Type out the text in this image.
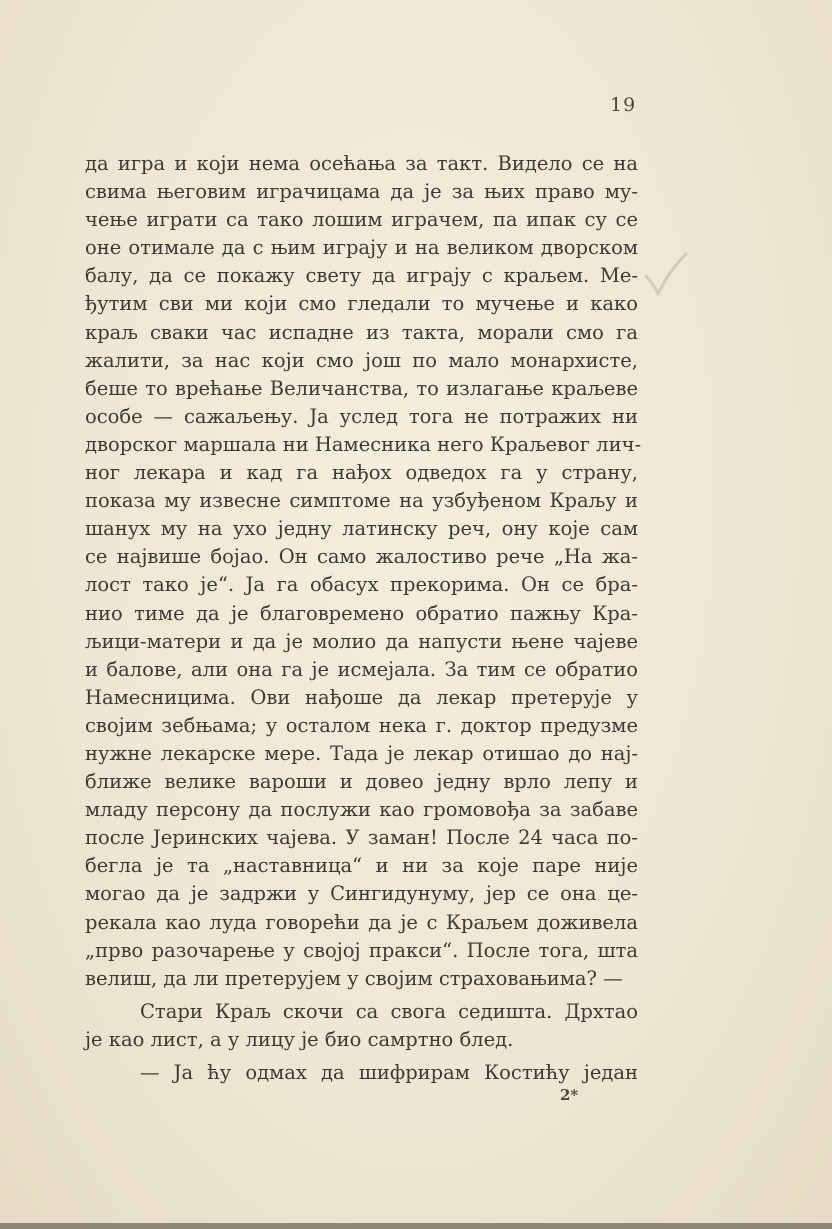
19
да игра и који нема осећања за такт. Видело се на
свима његовим играчицама да је за њих право му-
чење играти са тако лошим играчем, па ипак су се
оне отимале да с њим играју и на великом дворском
балу, да се покажу свету да играју с краљем. Ме-
ђутим сви ми који смо гледали то мучење и како
краљ сваки час испадне из такта, морали смо га
жалити, за нас који смо још по мало монархисте,
беше то врећање Величанства, то излагање краљеве
особе — сажаљењу. Ја услед тога не потражих ни
дворског маршала ни Намесника него Краљевог лич-
ног лекара и кад га нађох одведох га у страну,
показа му извесне симптоме на узбуђеном Краљу и
шанух му на ухо једну латинску реч, ону које сам
се највише бојао. Он само жалостиво рече „На жа-
лост тако је“. Ја га обасух прекорима. Он се бра-
нио тиме да је благовремено обратио пажњу Кра-
љици-матери и да је молио да напусти њене чајеве
и балове, али она га је исмејала. За тим се обратио
Намесницима. Ови нађоше да лекар претерује у
својим зебњама; у осталом нека г. доктор предузме
нужне лекарске мере. Тада је лекар отишао до нај-
ближе велике вароши и довео једну врло лепу и
младу персону да послужи као громовођа за забаве
после Јеринских чајева. У заман! После 24 часа по-
бегла је та „наставница“ и ни за које паре није
могао да је задржи у Сингидунуму, јер се она це-
рекала као луда говорећи да је с Краљем доживела
„прво разочарење у својој пракси“. После тога, шта
велиш, да ли претерујем у својим страховањима? —
Стари Краљ скочи са свога седишта. Дрхтао
је као лист, а у лицу је био самртно блед.
— Ја ћу одмах да шифрирам Костићу један
2*
